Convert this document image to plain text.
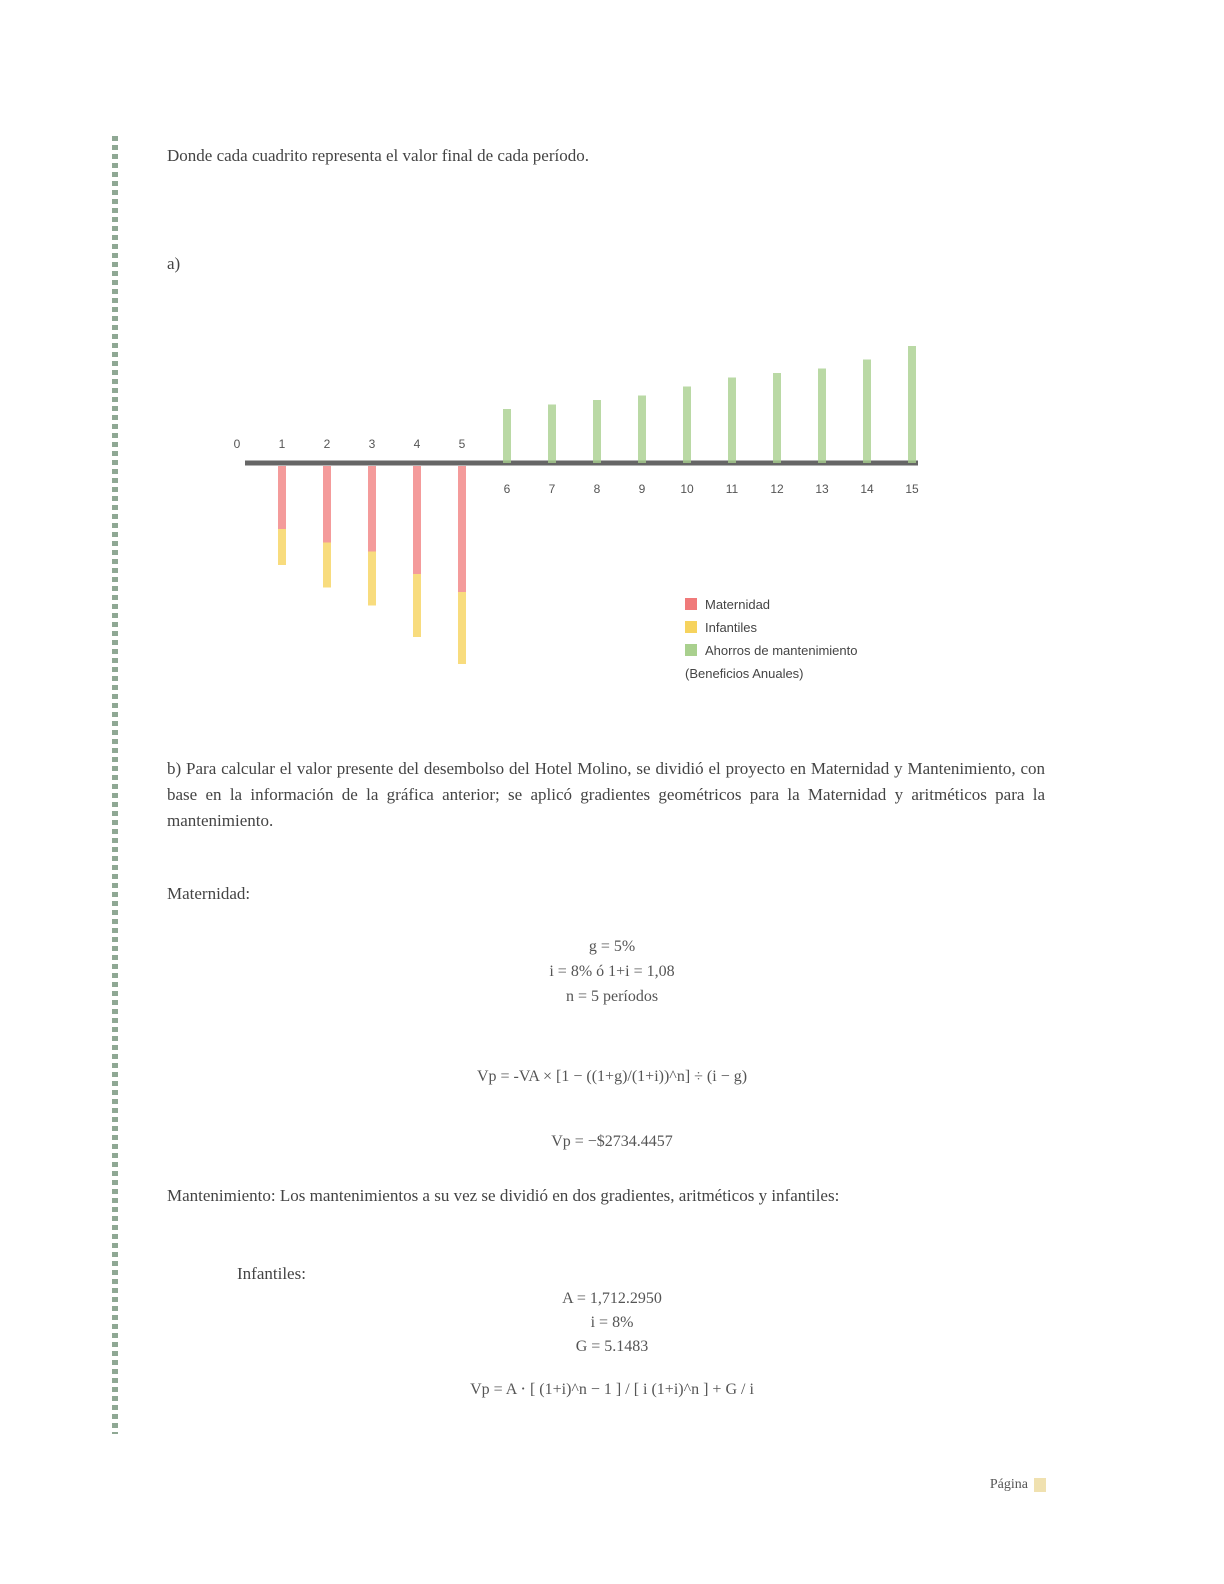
Donde cada cuadrito representa el valor final de cada período.

a)

0	1	2	3	4	5
6	7	8	9	10	11	12	13	14	15
Maternidad
Infantiles
Ahorros de mantenimiento
(Beneficios Anuales)

b) Para calcular el valor presente del desembolso del Hotel Molino, se dividió el proyecto en Maternidad y Mantenimiento, con base en la información de la gráfica anterior; se aplicó gradientes geométricos para la Maternidad y aritméticos para la mantenimiento.

Maternidad:

g = 5%
i = 8% ó 1+i = 1,08
n = 5 períodos
Vp = -VA × [1 − ((1+g)/(1+i))^n] ÷ (i − g)
Vp = −$2734.4457

Mantenimiento: Los mantenimientos a su vez se dividió en dos gradientes, aritméticos y infantiles:

Infantiles:

A = 1,712.2950
i = 8%
G = 5.1483
Vp = A ⋅ [ (1+i)^n − 1 ] / [ i (1+i)^n ] + G / i
Página
